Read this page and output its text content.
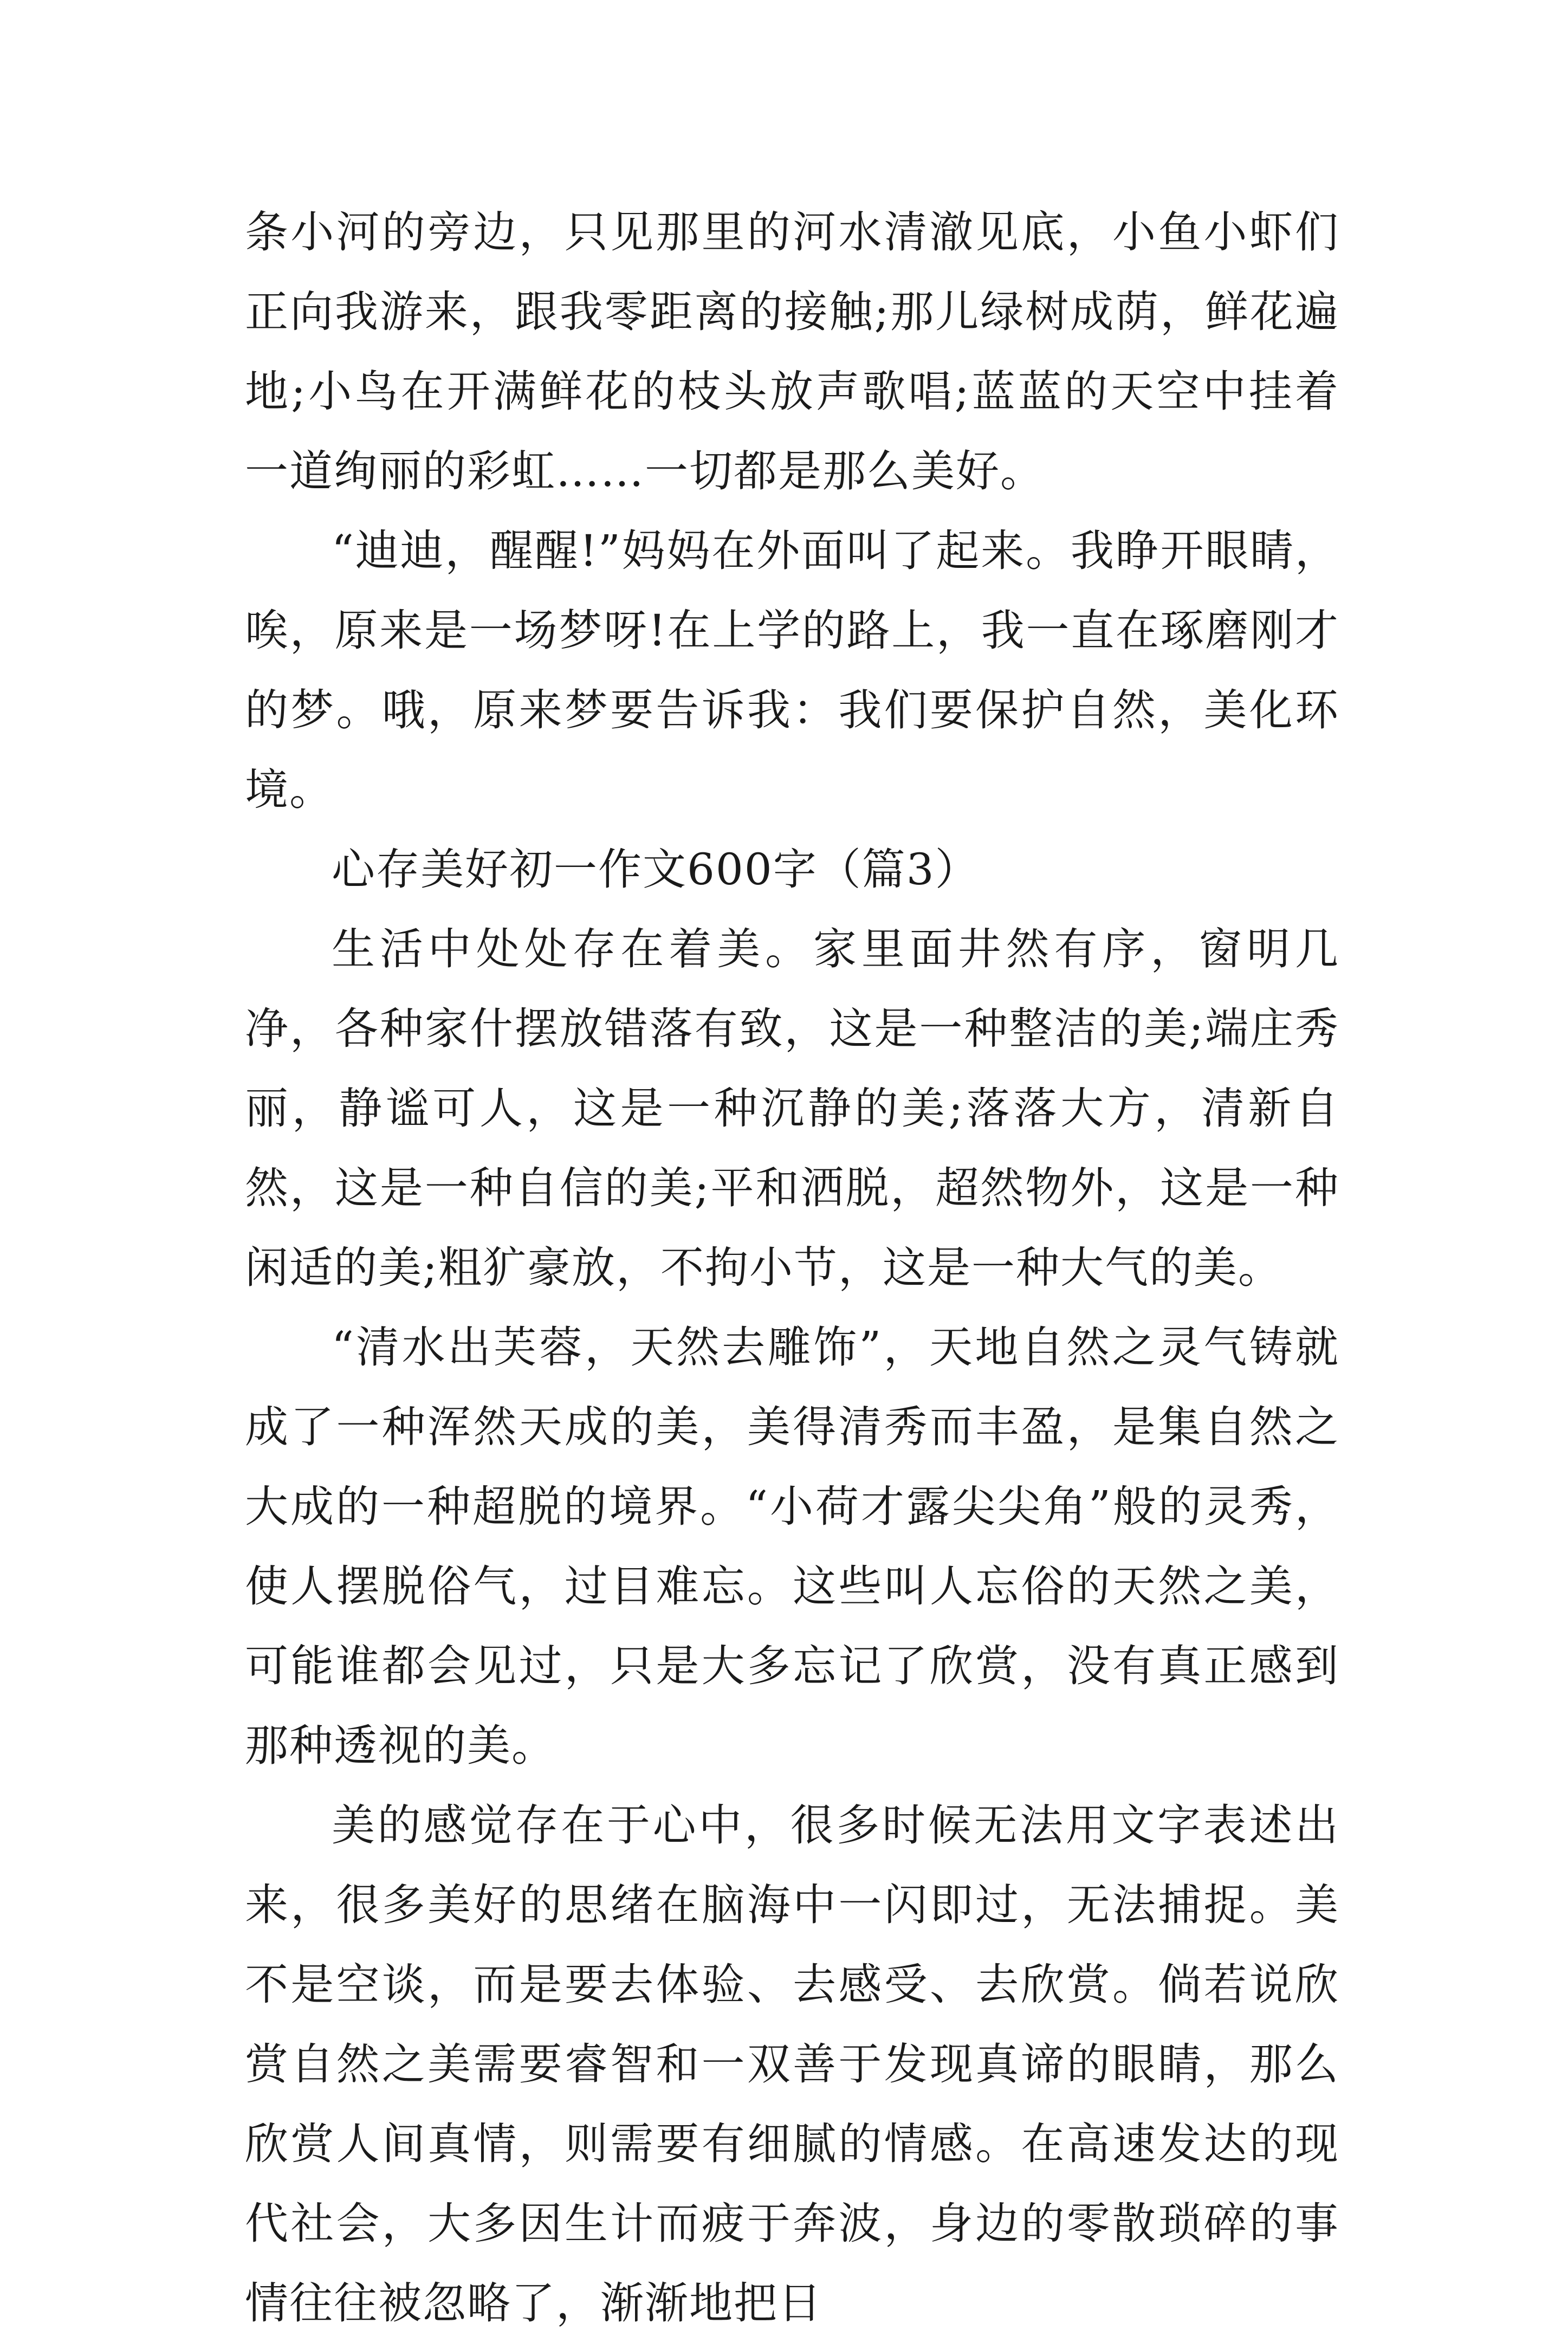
条小河的旁边，只见那里的河水清澈见底，小鱼小虾们正向我游来，跟我零距离的接触;那儿绿树成荫，鲜花遍地;小鸟在开满鲜花的枝头放声歌唱;蓝蓝的天空中挂着一道绚丽的彩虹……一切都是那么美好。

“迪迪，醒醒!”妈妈在外面叫了起来。我睁开眼睛，唉，原来是一场梦呀!在上学的路上，我一直在琢磨刚才的梦。哦，原来梦要告诉我：我们要保护自然，美化环境。

心存美好初一作文600字（篇3）

生活中处处存在着美。家里面井然有序，窗明几净，各种家什摆放错落有致，这是一种整洁的美;端庄秀丽，静谧可人，这是一种沉静的美;落落大方，清新自然，这是一种自信的美;平和洒脱，超然物外，这是一种闲适的美;粗犷豪放，不拘小节，这是一种大气的美。

“清水出芙蓉，天然去雕饰”，天地自然之灵气铸就成了一种浑然天成的美，美得清秀而丰盈，是集自然之大成的一种超脱的境界。“小荷才露尖尖角”般的灵秀，使人摆脱俗气，过目难忘。这些叫人忘俗的天然之美，可能谁都会见过，只是大多忘记了欣赏，没有真正感到那种透视的美。

美的感觉存在于心中，很多时候无法用文字表述出来，很多美好的思绪在脑海中一闪即过，无法捕捉。美不是空谈，而是要去体验、去感受、去欣赏。倘若说欣赏自然之美需要睿智和一双善于发现真谛的眼睛，那么欣赏人间真情，则需要有细腻的情感。在高速发达的现代社会，大多因生计而疲于奔波，身边的零散琐碎的事情往往被忽略了，渐渐地把日
